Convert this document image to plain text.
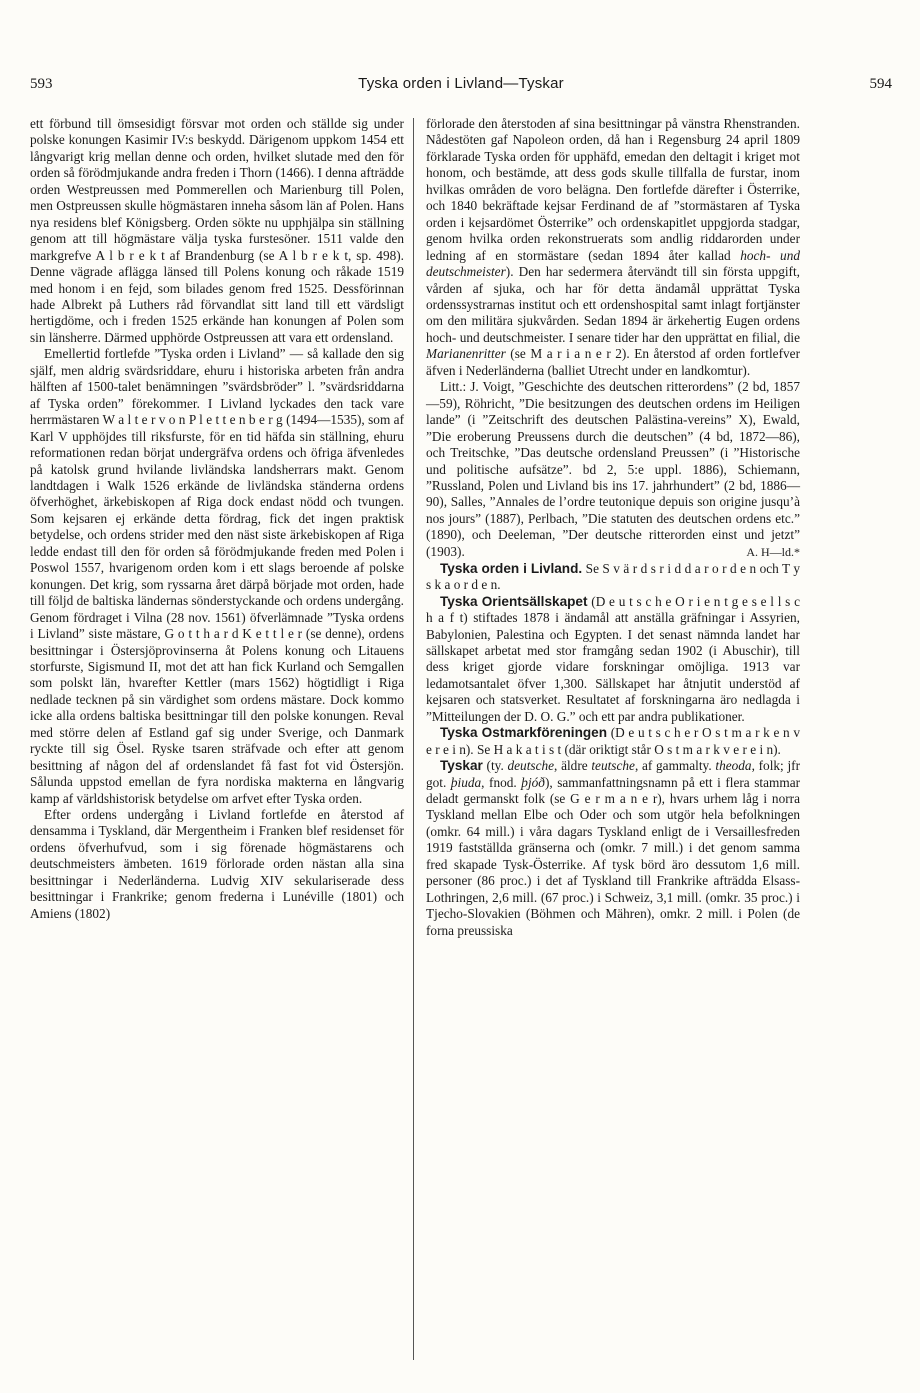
593	Tyska orden i Livland—Tyskar	594

ett förbund till ömsesidigt försvar mot orden och ställde sig under polske konungen Kasimir IV:s beskydd. Därigenom uppkom 1454 ett långvarigt krig mellan denne och orden, hvilket slutade med den för orden så förödmjukande andra freden i Thorn (1466). I denna afträdde orden Westpreussen med Pommerellen och Marienburg till Polen, men Ostpreussen skulle högmästaren inneha såsom län af Polen. Hans nya residens blef Königsberg. Orden sökte nu upphjälpa sin ställning genom att till högmästare välja tyska furstesöner. 1511 valde den markgrefve A l b r e k t af Brandenburg (se A l b r e k t, sp. 498). Denne vägrade aflägga länsed till Polens konung och råkade 1519 med honom i en fejd, som bilades genom fred 1525. Dessförinnan hade Albrekt på Luthers råd förvandlat sitt land till ett värdsligt hertigdöme, och i freden 1525 erkände han konungen af Polen som sin länsherre. Därmed upphörde Ostpreussen att vara ett ordensland.

Emellertid fortlefde ”Tyska orden i Livland” — så kallade den sig själf, men aldrig svärdsriddare, ehuru i historiska arbeten från andra hälften af 1500-talet benämningen ”svärdsbröder” l. ”svärdsriddarna af Tyska orden” förekommer. I Livland lyckades den tack vare herrmästaren W a l t e r v o n P l e t t e n b e r g (1494—1535), som af Karl V upphöjdes till riksfurste, för en tid häfda sin ställning, ehuru reformationen redan börjat undergräfva ordens och öfriga äfvenledes på katolsk grund hvilande livländska landsherrars makt. Genom landtdagen i Walk 1526 erkände de livländska ständerna ordens öfverhöghet, ärkebiskopen af Riga dock endast nödd och tvungen. Som kejsaren ej erkände detta fördrag, fick det ingen praktisk betydelse, och ordens strider med den näst siste ärkebiskopen af Riga ledde endast till den för orden så förödmjukande freden med Polen i Poswol 1557, hvarigenom orden kom i ett slags beroende af polske konungen. Det krig, som ryssarna året därpå började mot orden, hade till följd de baltiska ländernas sönderstyckande och ordens undergång. Genom fördraget i Vilna (28 nov. 1561) öfverlämnade ”Tyska ordens i Livland” siste mästare, G o t t h a r d K e t t l e r (se denne), ordens besittningar i Östersjöprovinserna åt Polens konung och Litauens storfurste, Sigismund II, mot det att han fick Kurland och Semgallen som polskt län, hvarefter Kettler (mars 1562) högtidligt i Riga nedlade tecknen på sin värdighet som ordens mästare. Dock kommo icke alla ordens baltiska besittningar till den polske konungen. Reval med större delen af Estland gaf sig under Sverige, och Danmark ryckte till sig Ösel. Ryske tsaren sträfvade och efter att genom besittning af någon del af ordenslandet få fast fot vid Östersjön. Sålunda uppstod emellan de fyra nordiska makterna en långvarig kamp af världshistorisk betydelse om arfvet efter Tyska orden.

Efter ordens undergång i Livland fortlefde en återstod af densamma i Tyskland, där Mergentheim i Franken blef residenset för ordens öfverhufvud, som i sig förenade högmästarens och deutschmeisters ämbeten. 1619 förlorade orden nästan alla sina besittningar i Nederländerna. Ludvig XIV sekulariserade dess besittningar i Frankrike; genom fredernа i Lunéville (1801) och Amiens (1802)

förlorade den återstoden af sina besittningar på vänstra Rhenstranden. Nådestöten gaf Napoleon orden, då han i Regensburg 24 april 1809 förklarade Tyska orden för upphäfd, emedan den deltagit i kriget mot honom, och bestämde, att dess gods skulle tillfalla de furstar, inom hvilkas områden de voro belägna. Den fortlefde därefter i Österrike, och 1840 bekräftade kejsar Ferdinand de af ”stormästaren af Tyska orden i kejsardömet Österrike” och ordenskapitlet uppgjorda stadgar, genom hvilka orden rekonstruerats som andlig riddarorden under ledning af en stormästare (sedan 1894 åter kallad hoch- und deutschmeister). Den har sedermera återvändt till sin första uppgift, vården af sjuka, och har för detta ändamål upprättat Tyska ordenssystrarnas institut och ett ordenshospital samt inlagt fortjänster om den militära sjukvården. Sedan 1894 är ärkehertig Eugen ordens hoch- und deutschmeister. I senare tider har den upprättat en filial, die Marianenritter (se M a r i a n e r 2). En återstod af orden fortlefver äfven i Nederländerna (balliet Utrecht under en landkomtur).

Litt.: J. Voigt, ”Geschichte des deutschen ritterordens” (2 bd, 1857—59), Röhricht, ”Die besitzungen des deutschen ordens im Heiligen lande” (i ”Zeitschrift des deutschen Palästina-vereins” X), Ewald, ”Die eroberung Preussens durch die deutschen” (4 bd, 1872—86), och Treitschke, ”Das deutsche ordensland Preussen” (i ”Historische und politische aufsätze”. bd 2, 5:e uppl. 1886), Schiemann, ”Russland, Polen und Livland bis ins 17. jahrhundert” (2 bd, 1886—90), Salles, ”Annales de l’ordre teutonique depuis son origine jusqu’à nos jours” (1887), Perlbach, ”Die statuten des deutschen ordens etc.” (1890), och Deeleman, ”Der deutsche ritterorden einst und jetzt” (1903).	A. H—ld.*

Tyska orden i Livland. Se S v ä r d s r i d d a r o r d e n och T y s k a o r d e n.

Tyska Orientsällskapet (D e u t s c h e O r i e n t g e s e l l s c h a f t) stiftades 1878 i ändamål att anställa gräfningar i Assyrien, Babylonien, Palestina och Egypten. I det senast nämnda landet har sällskapet arbetat med stor framgång sedan 1902 (i Abuschir), till dess kriget gjorde vidare forskningar omöjliga. 1913 var ledamotsantalet öfver 1,300. Sällskapet har åtnjutit understöd af kejsaren och statsverket. Resultatet af forskningarna äro nedlagda i ”Mitteilungen der D. O. G.” och ett par andra publikationer.

Tyska Ostmarkföreningen (D e u t s c h e r O s t m a r k e n v e r e i n). Se H a k a t i s t (där oriktigt står O s t m a r k v e r e i n).

Tyskar (ty. deutsche, äldre teutsche, af gammalty. theoda, folk; jfr got. þiuda, fnod. þjóð), sammanfattningsnamn på ett i flera stammar deladt germanskt folk (se G e r m a n e r), hvars urhem låg i norra Tyskland mellan Elbe och Oder och som utgör hela befolkningen (omkr. 64 mill.) i våra dagars Tyskland enligt de i Versaillesfreden 1919 fastställda gränserna och (omkr. 7 mill.) i det genom samma fred skapade Tysk-Österrike. Af tysk börd äro dessutom 1,6 mill. personer (86 proc.) i det af Tyskland till Frankrike afträdda Elsass-Lothringen, 2,6 mill. (67 proc.) i Schweiz, 3,1 mill. (omkr. 35 proc.) i Tjecho-Slovakien (Böhmen och Mähren), omkr. 2 mill. i Polen (de forna preussiska
